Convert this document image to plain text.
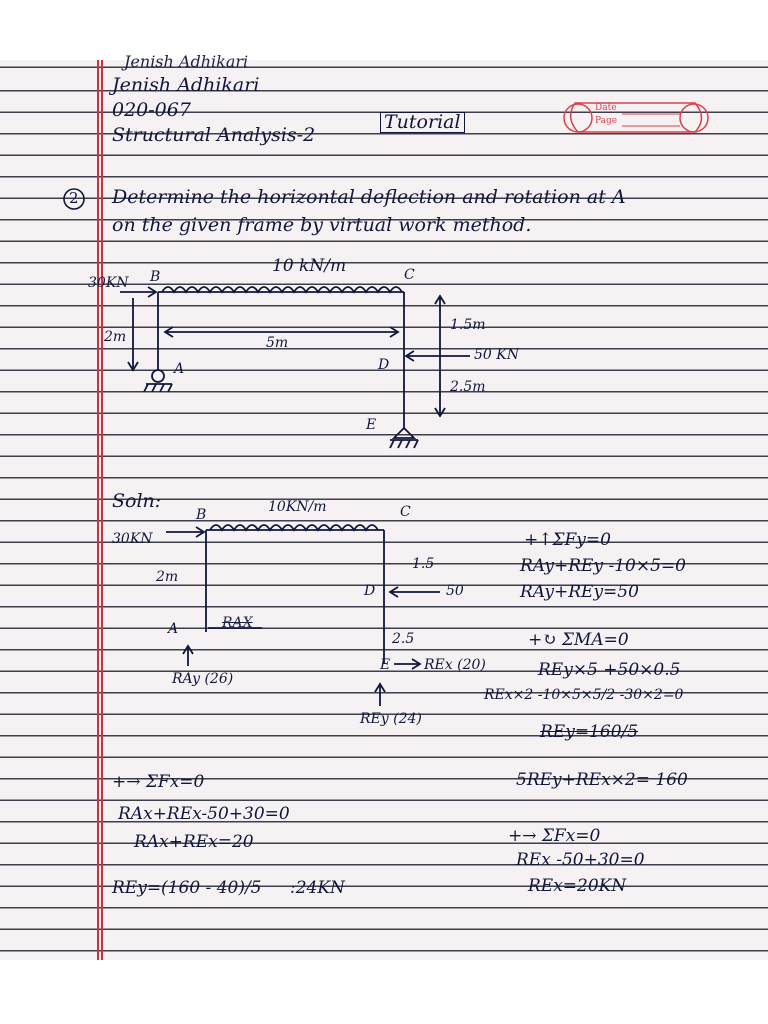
Jenish Adhikari
Jenish Adhikari
020-067
Structural Analysis-2
Tutorial
Date
Page
2 Determine the horizontal deflection and rotation at A
on the given frame by virtual work method.
10 kN/m
30KN B	C
2m	5m
A	D
1.5m
50 KN
2.5m
E
Soln:
B	10KN/m	C
30KN
2m
1.5
D	50
A	RAX
2.5
E REx (20)
RAy (26)
REy (24)
+↑ΣFy=0
RAy+REy -10×5=0
RAy+REy=50
+↻ ΣMA=0
REy×5 +50×0.5
REx×2 -10×5×5/2 -30×2=0
REy=160/5
5REy+REx×2= 160
+→ ΣFx=0
RAx+REx-50+30=0
RAx+REx=20
REy=(160 - 40)/5 :24KN
+→ ΣFx=0
REx -50+30=0
REx=20KN
